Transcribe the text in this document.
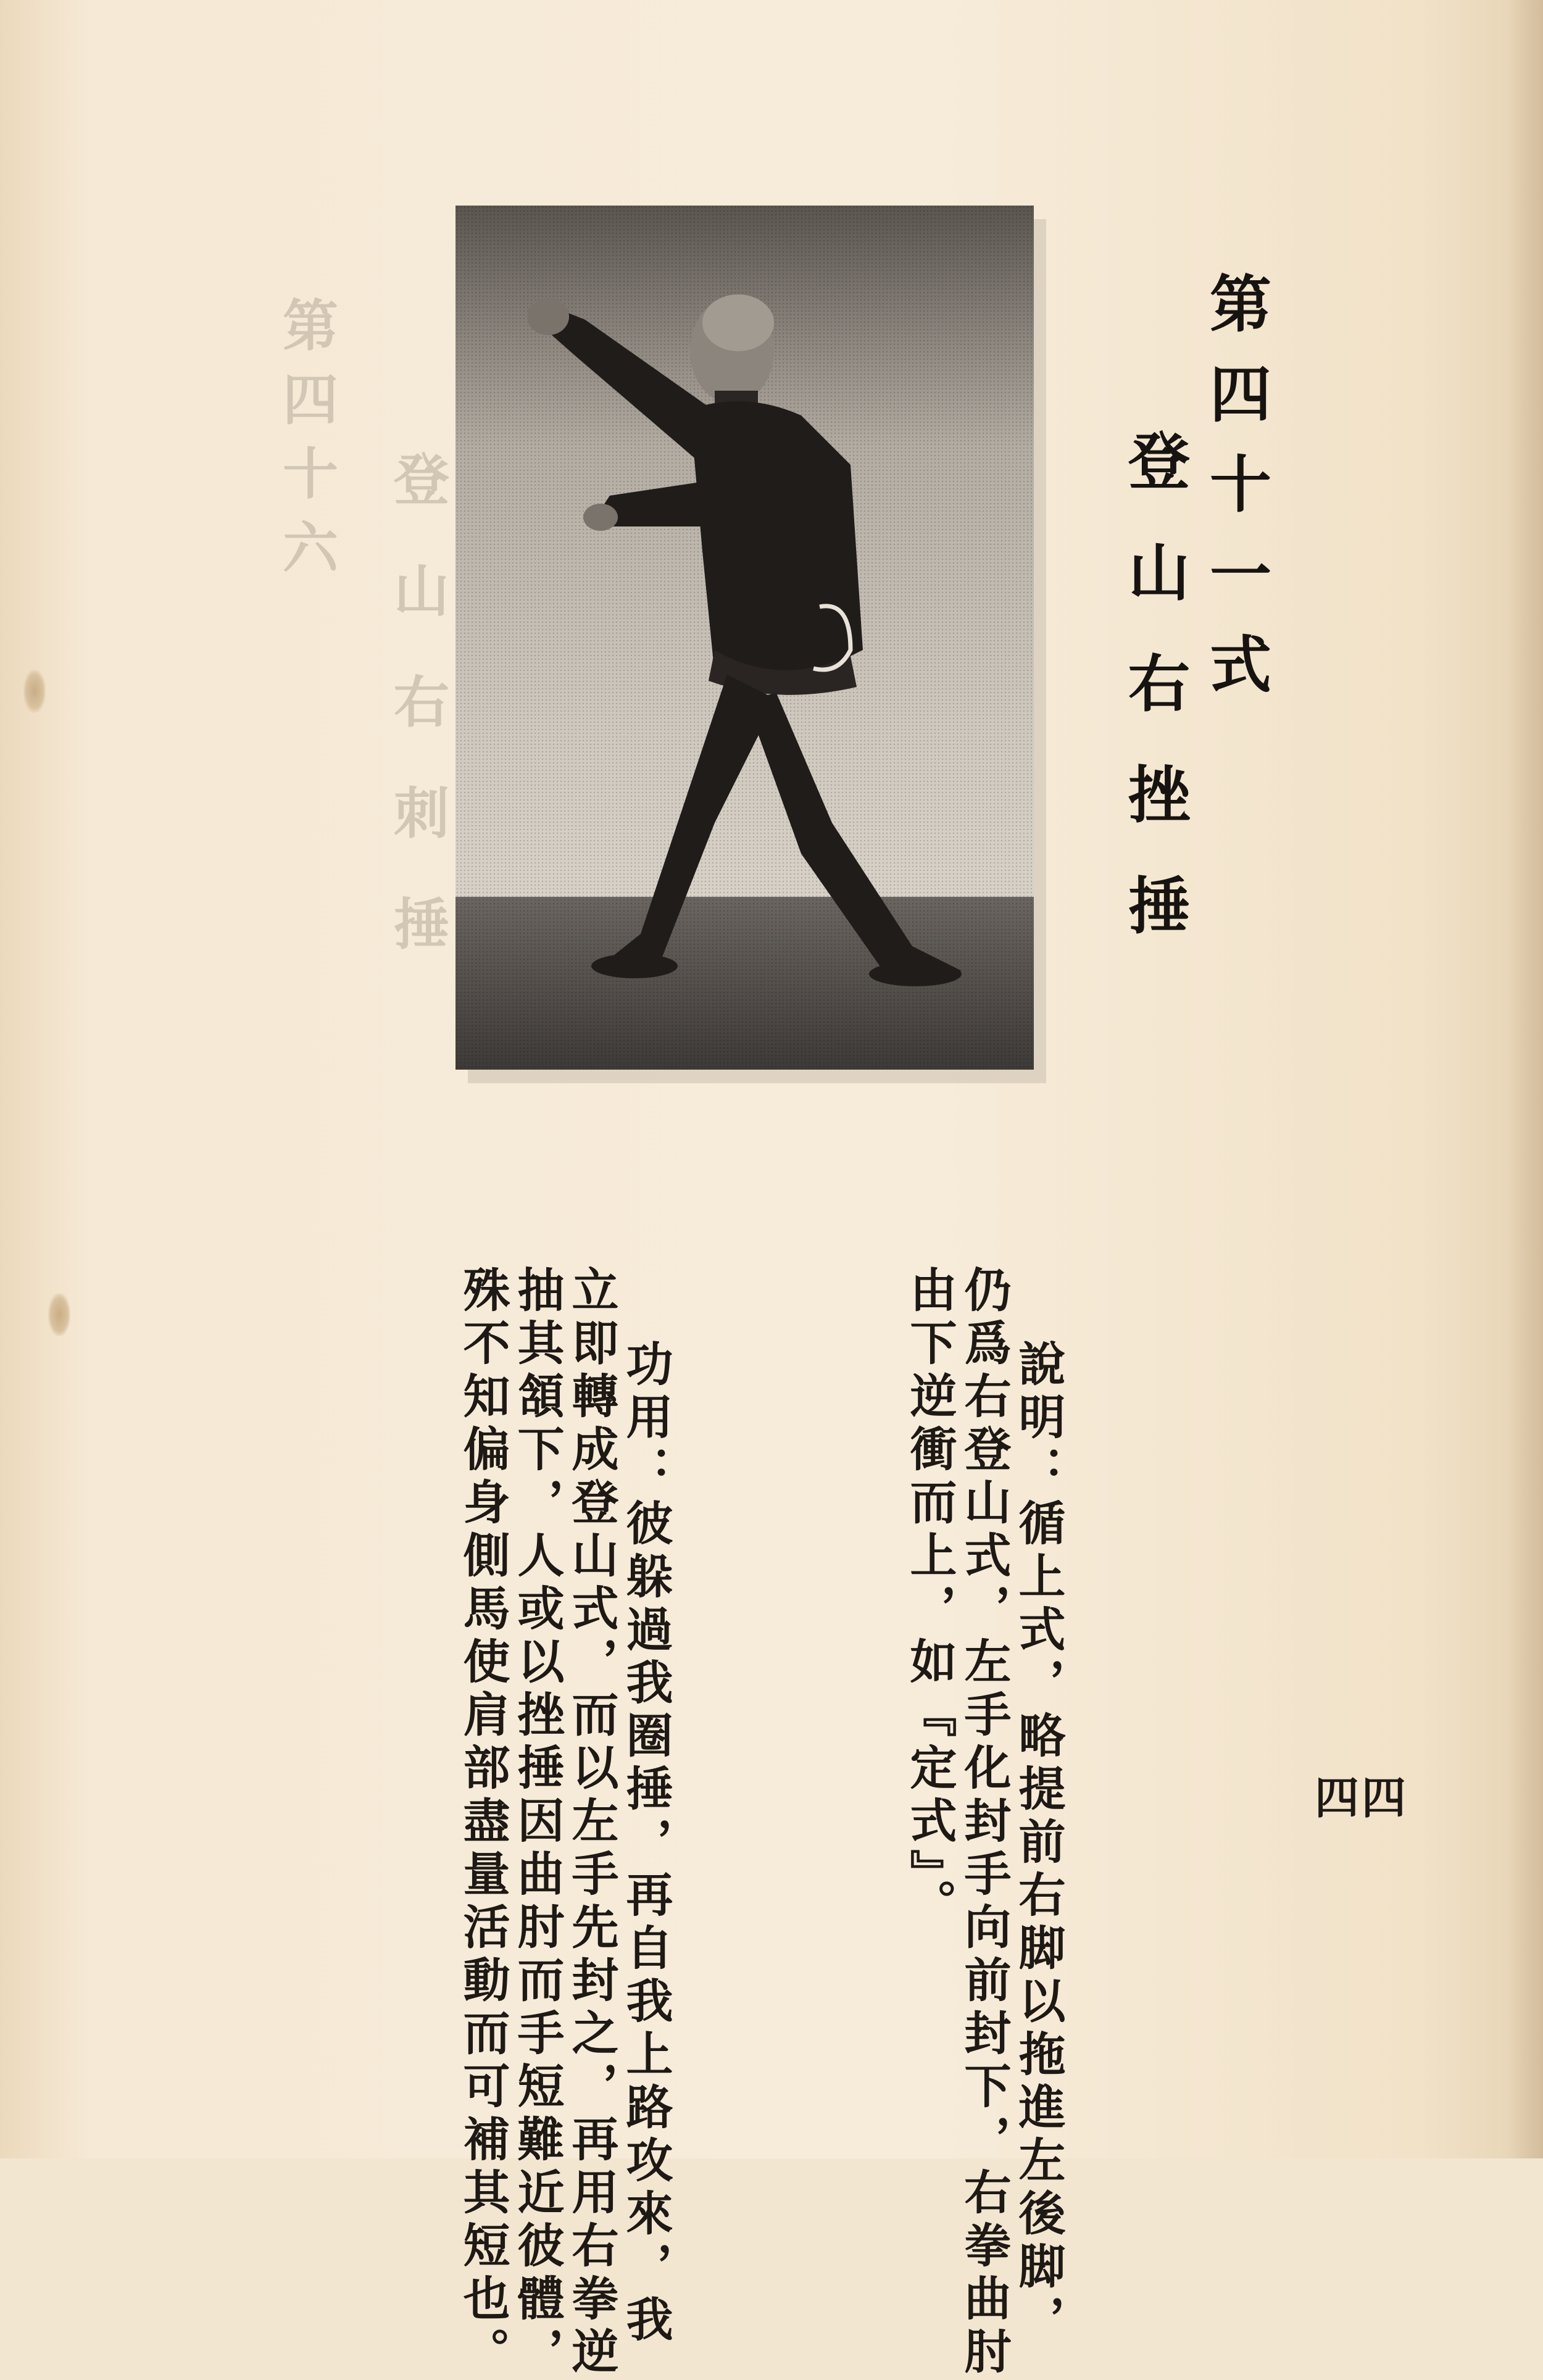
第四十六
登山右刺捶	第四十一式
登山右挫捶
說明：循上式，略提前右脚以拖進左後脚，
仍爲右登山式，左手化封手向前封下，右拳曲肘
由下逆衝而上，如『定式』。
功用：彼躲過我圈捶，再自我上路攻來，我
立即轉成登山式，而以左手先封之，再用右拳逆
抽其頷下，人或以挫捶因曲肘而手短難近彼體，
殊不知偏身側馬使肩部盡量活動而可補其短也。	四四
